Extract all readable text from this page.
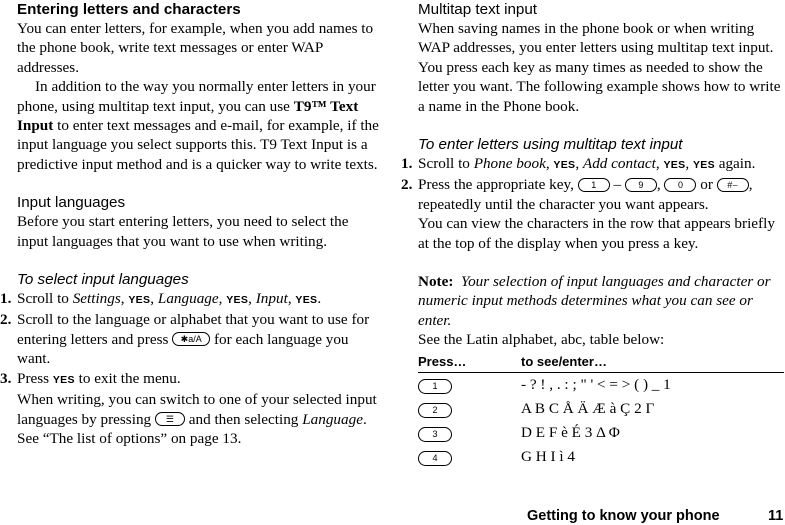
Entering letters and characters

You can enter letters, for example, when you add names to the phone book, write text messages or enter WAP addresses.

In addition to the way you normally enter letters in your phone, using multitap text input, you can use T9™ Text Input to enter text messages and e-mail, for example, if the input language you select supports this. T9 Text Input is a predictive input method and is a quicker way to write texts.

Input languages

Before you start entering letters, you need to select the input languages that you want to use when writing.

To select input languages
1. Scroll to Settings, YES, Language, YES, Input, YES.
2. Scroll to the language or alphabet that you want to use for entering letters and press ✱a/A for each language you want.
3. Press YES to exit the menu.
When writing, you can switch to one of your selected input languages by pressing ☰ and then selecting Language. See “The list of options” on page 13.
Multitap text input

When saving names in the phone book or when writing WAP addresses, you enter letters using multitap text input. You press each key as many times as needed to show the letter you want. The following example shows how to write a name in the Phone book.

To enter letters using multitap text input
1. Scroll to Phone book, YES, Add contact, YES, YES again.
2. Press the appropriate key, 1 – 9 , 0 or #⌣ , repeatedly until the character you want appears.
You can view the characters in the row that appears briefly at the top of the display when you press a key.

Note: Your selection of input languages and character or numeric input methods determines what you can see or enter.

See the Latin alphabet, abc, table below:

Press…	to see/enter…
1	- ? ! , . : ; " ' < = > ( ) _ 1
2	A B C Å Ä Æ à Ç 2 Γ
3	D E F è É 3 Δ Φ
4	G H I ì 4
Getting to know your phone	11
